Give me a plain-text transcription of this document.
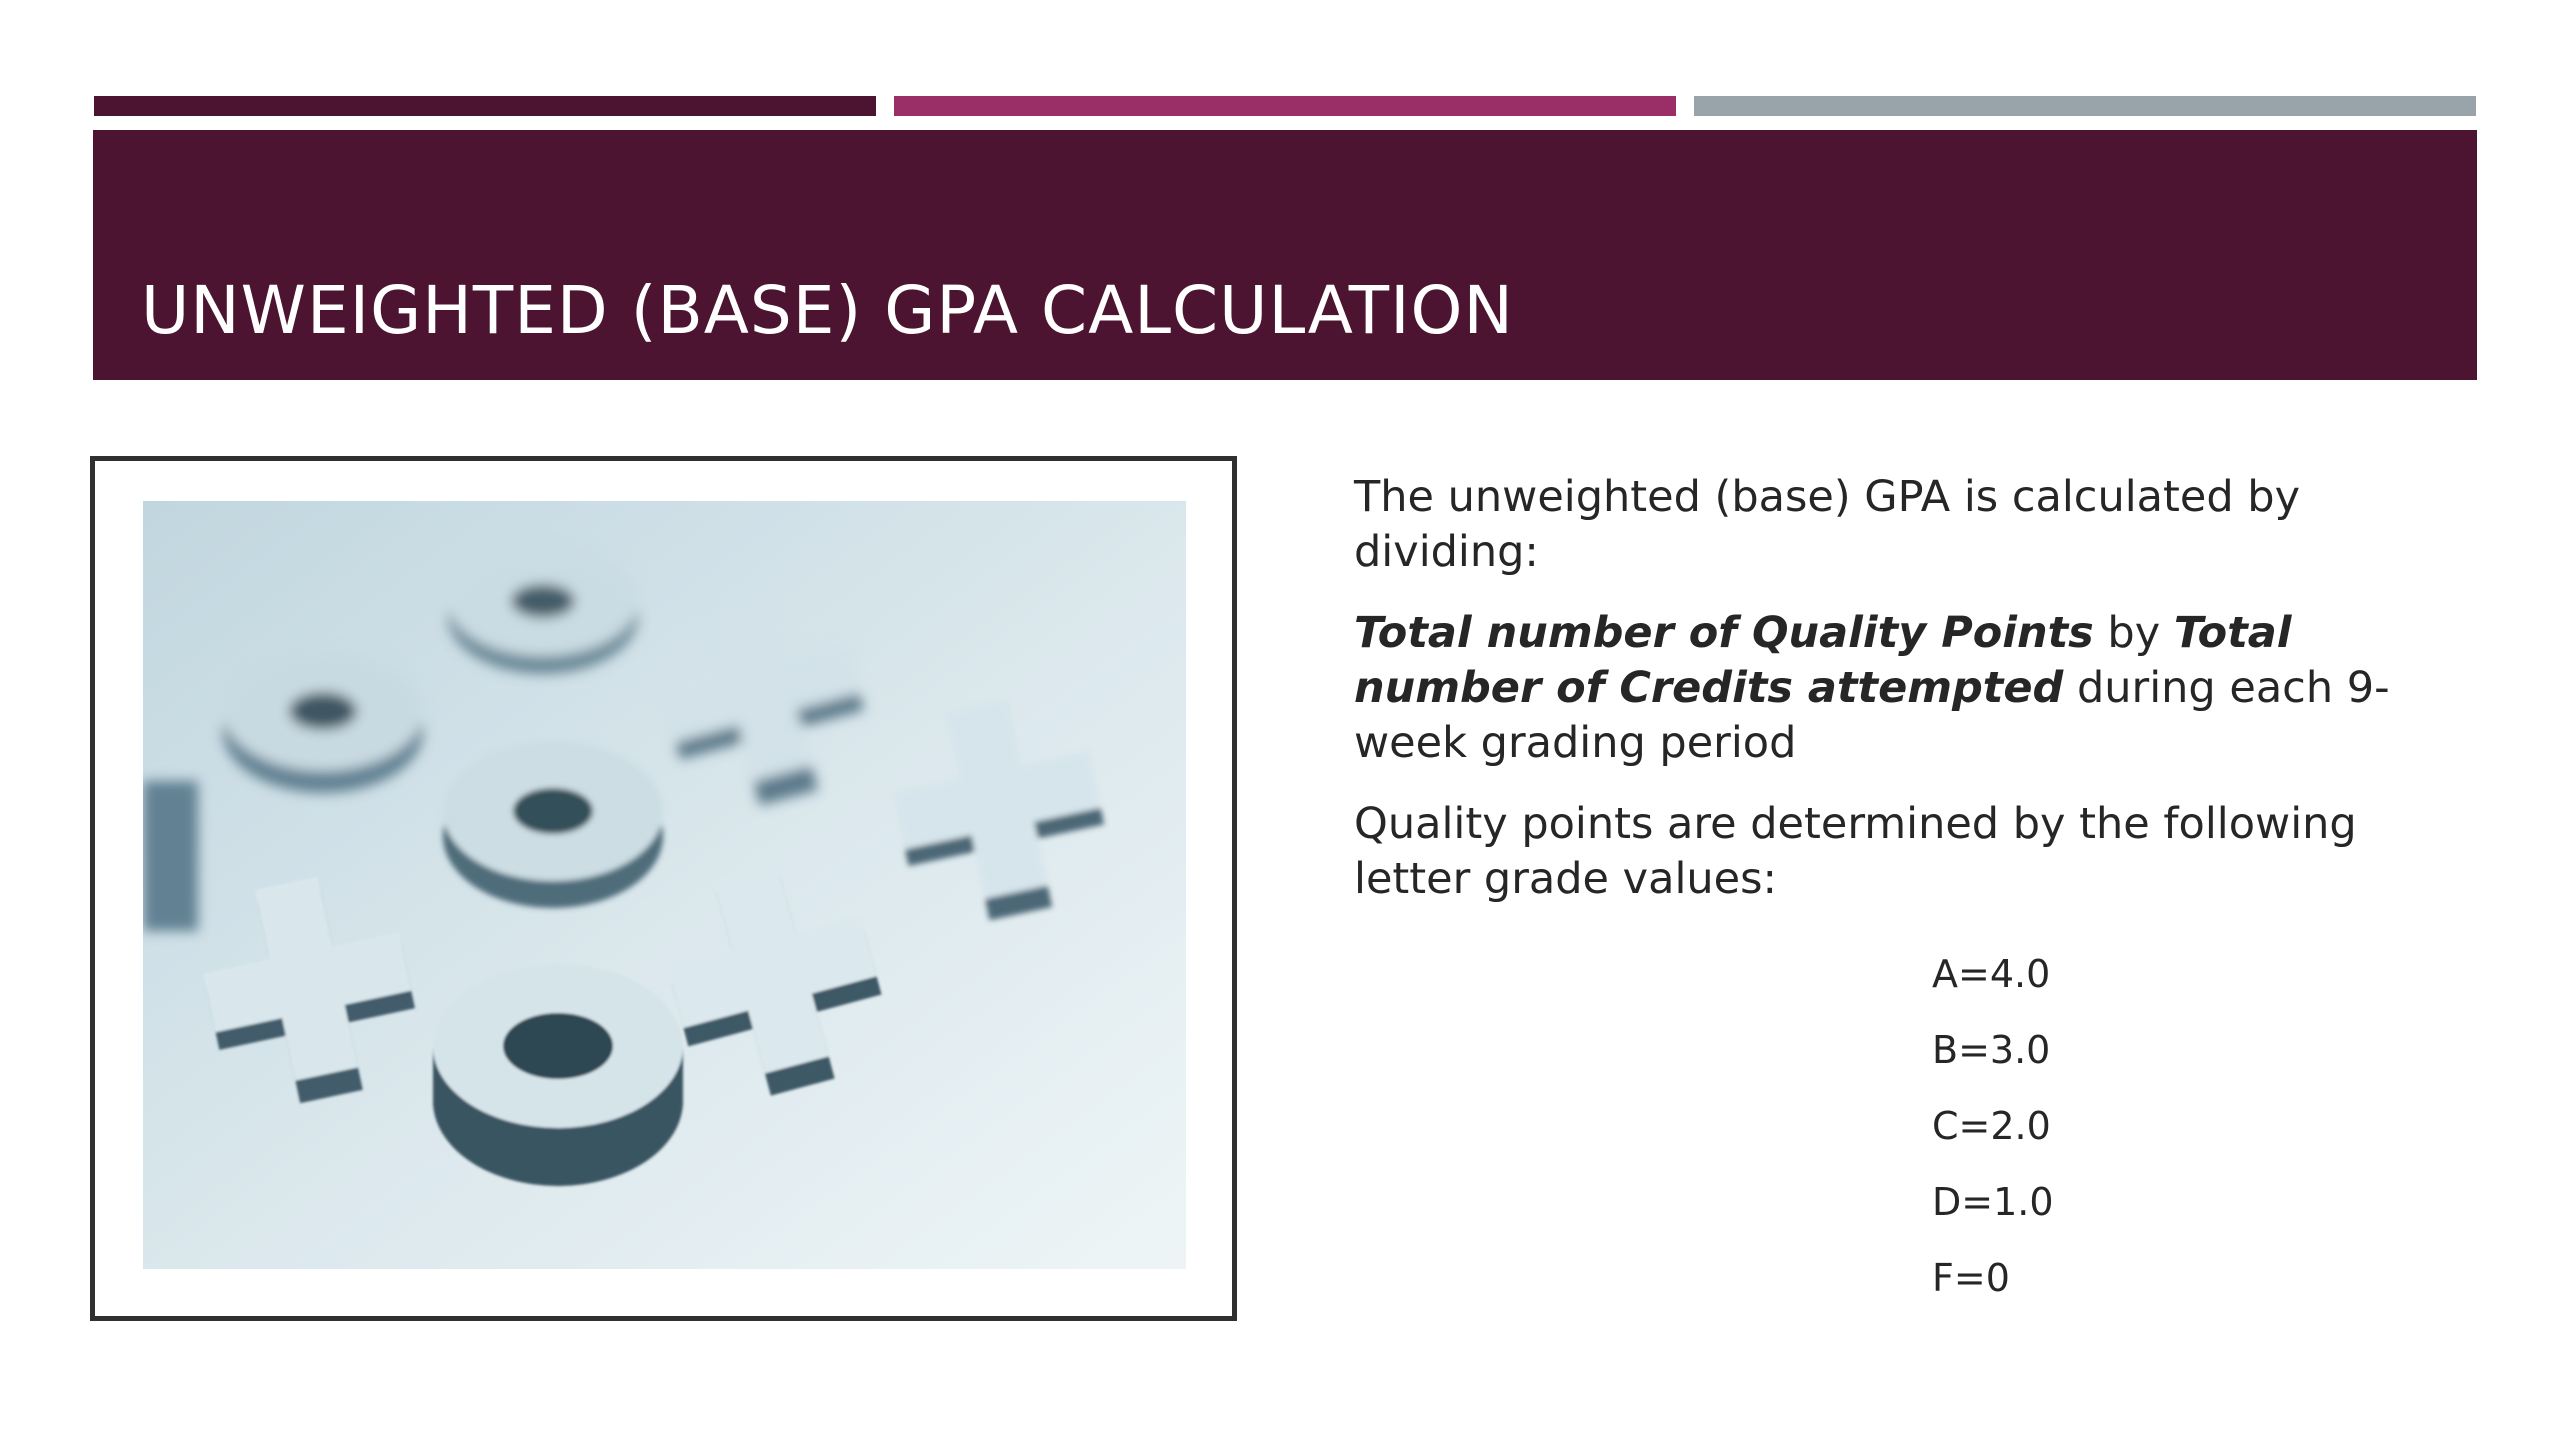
UNWEIGHTED (BASE) GPA CALCULATION

The unweighted (base) GPA is calculated by dividing:

Total number of Quality Points by Total number of Credits attempted during each 9-week grading period

Quality points are determined by the following letter grade values:

A=4.0
B=3.0
C=2.0
D=1.0
F=0
